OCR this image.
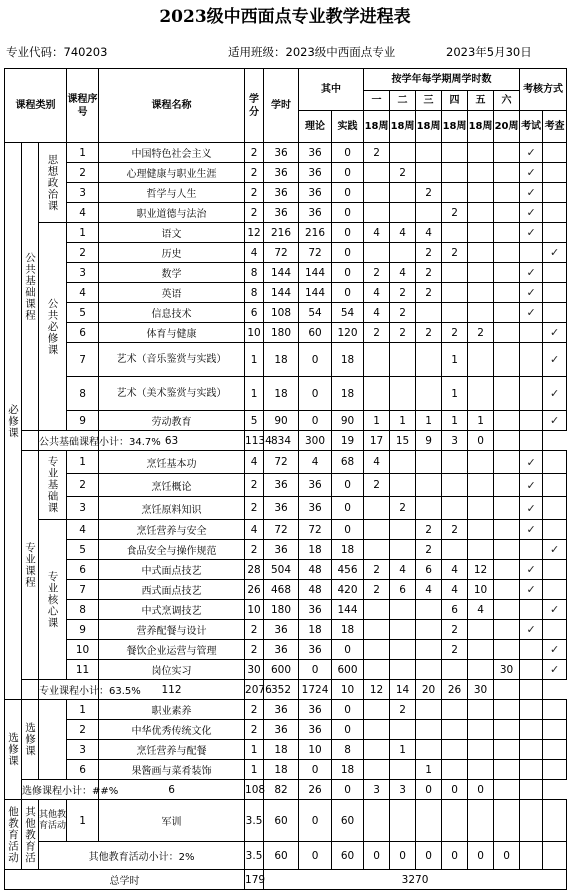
2023级中西面点专业教学进程表
专业代码：740203	适用班级：2023级中西面点专业	2023年5月30日
课程类别			课程序号	课程名称	学分	学时	其中		按学年每学期周学时数						考核方式	
									一	二	三	四	五	六		
							理论	实践	18周	18周	18周	18周	18周	20周	考试	考查

必修课	公共基础课程	思想政治课	1	中国特色社会主义	2	36	36	0	2						✓	
			2	心理健康与职业生涯	2	36	36	0		2					✓	
			3	哲学与人生	2	36	36	0			2				✓	
			4	职业道德与法治	2	36	36	0				2			✓	

		公共必修课	1	语文	12	216	216	0	4	4	4				✓	
			2	历史	4	72	72	0			2	2				✓
			3	数学	8	144	144	0	2	4	2				✓	
			4	英语	8	144	144	0	4	2	2				✓	
			5	信息技术	6	108	54	54	4	2					✓	
			6	体育与健康	10	180	60	120	2	2	2	2	2			✓
			7	艺术（音乐鉴赏与实践）	1	18	0	18				1				✓
			8	艺术（美术鉴赏与实践）	1	18	0	18				1				✓
			9	劳动教育	5	90	0	90	1	1	1	1	1			✓
		公共基础课程小计：34.7%		63	1134	834	300	19	17	15	9	3	0			

	专业课程	专业基础课	1	烹饪基本功	4	72	4	68	4						✓	
			2	烹饪概论	2	36	36	0	2						✓	
			3	烹饪原料知识	2	36	36	0		2					✓	

		专业核心课	4	烹饪营养与安全	4	72	72	0			2	2			✓	
			5	食品安全与操作规范	2	36	18	18			2					✓
			6	中式面点技艺	28	504	48	456	2	4	6	4	12		✓	
			7	西式面点技艺	26	468	48	420	2	6	4	4	10		✓	
			8	中式烹调技艺	10	180	36	144				6	4			✓
			9	营养配餐与设计	2	36	18	18				2			✓	
			10	餐饮企业运营与管理	2	36	36	0				2				✓
			11	岗位实习	30	600	0	600						30		✓
		专业课程小计：63.5%		112	2076	352	1724	10	12	14	20	26	30			

选修课	选修课		1	职业素养	2	36	36	0		2						
			2	中华优秀传统文化	2	36	36	0								
			3	烹饪营养与配餐	1	18	10	8		1						
			6	果酱画与菜肴装饰	1	18	0	18			1					
	选修课程小计：##%			6	108	82	26	0	3	3	0	0	0			

他教育活动	其他教育活	其他教育活动	1	军训	3.5	60	0	60								
		其他教育活动小计：2%			3.5	60	0	60	0	0	0	0	0	0		
总学时					179	3270										
